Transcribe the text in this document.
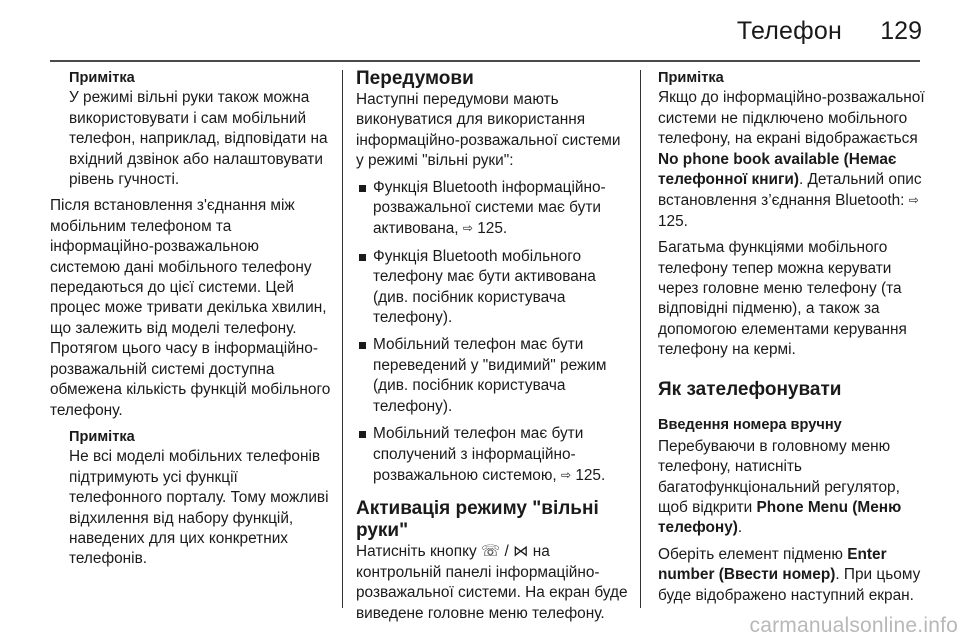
Телефон 129
Примітка
У режимі вільні руки також можна використовувати і сам мобільний телефон, наприклад, відповідати на вхідний дзвінок або налаштовувати рівень гучності.

Після встановлення з'єднання між мобільним телефоном та інформаційно-розважальною системою дані мобільного телефону передаються до цієї системи. Цей процес може тривати декілька хвилин, що залежить від моделі телефону. Протягом цього часу в інформаційно-розважальній системі доступна обмежена кількість функцій мобільного телефону.

Примітка
Не всі моделі мобільних телефонів підтримують усі функції телефонного порталу. Тому можливі відхилення від набору функцій, наведених для цих конкретних телефонів.
Передумови

Наступні передумови мають виконуватися для використання інформаційно-розважальної системи у режимі "вільні руки":

Функція Bluetooth інформаційно-розважальної системи має бути активована, ⇨ 125.
Функція Bluetooth мобільного телефону має бути активована (див. посібник користувача телефону).
Мобільний телефон має бути переведений у "видимий" режим (див. посібник користувача телефону).
Мобільний телефон має бути сполучений з інформаційно-розважальною системою, ⇨ 125.
Активація режиму "вільні руки"

Натисніть кнопку ☏ / ⋈ на контрольній панелі інформаційно-розважальної системи. На екран буде виведене головне меню телефону.

Примітка
Якщо до інформаційно-розважальної системи не підключено мобільного телефону, на екрані відображається No phone book available (Немає телефонної книги). Детальний опис встановлення з’єднання Bluetooth: ⇨ 125.

Багатьма функціями мобільного телефону тепер можна керувати через головне меню телефону (та відповідні підменю), а також за допомогою елементами керування телефону на кермі.

Як зателефонувати
Введення номера вручну

Перебуваючи в головному меню телефону, натисніть багатофункціональний регулятор, щоб відкрити Phone Menu (Меню телефону).

Оберіть елемент підменю Enter number (Ввести номер). При цьому буде відображено наступний екран.

carmanualsonline.info
